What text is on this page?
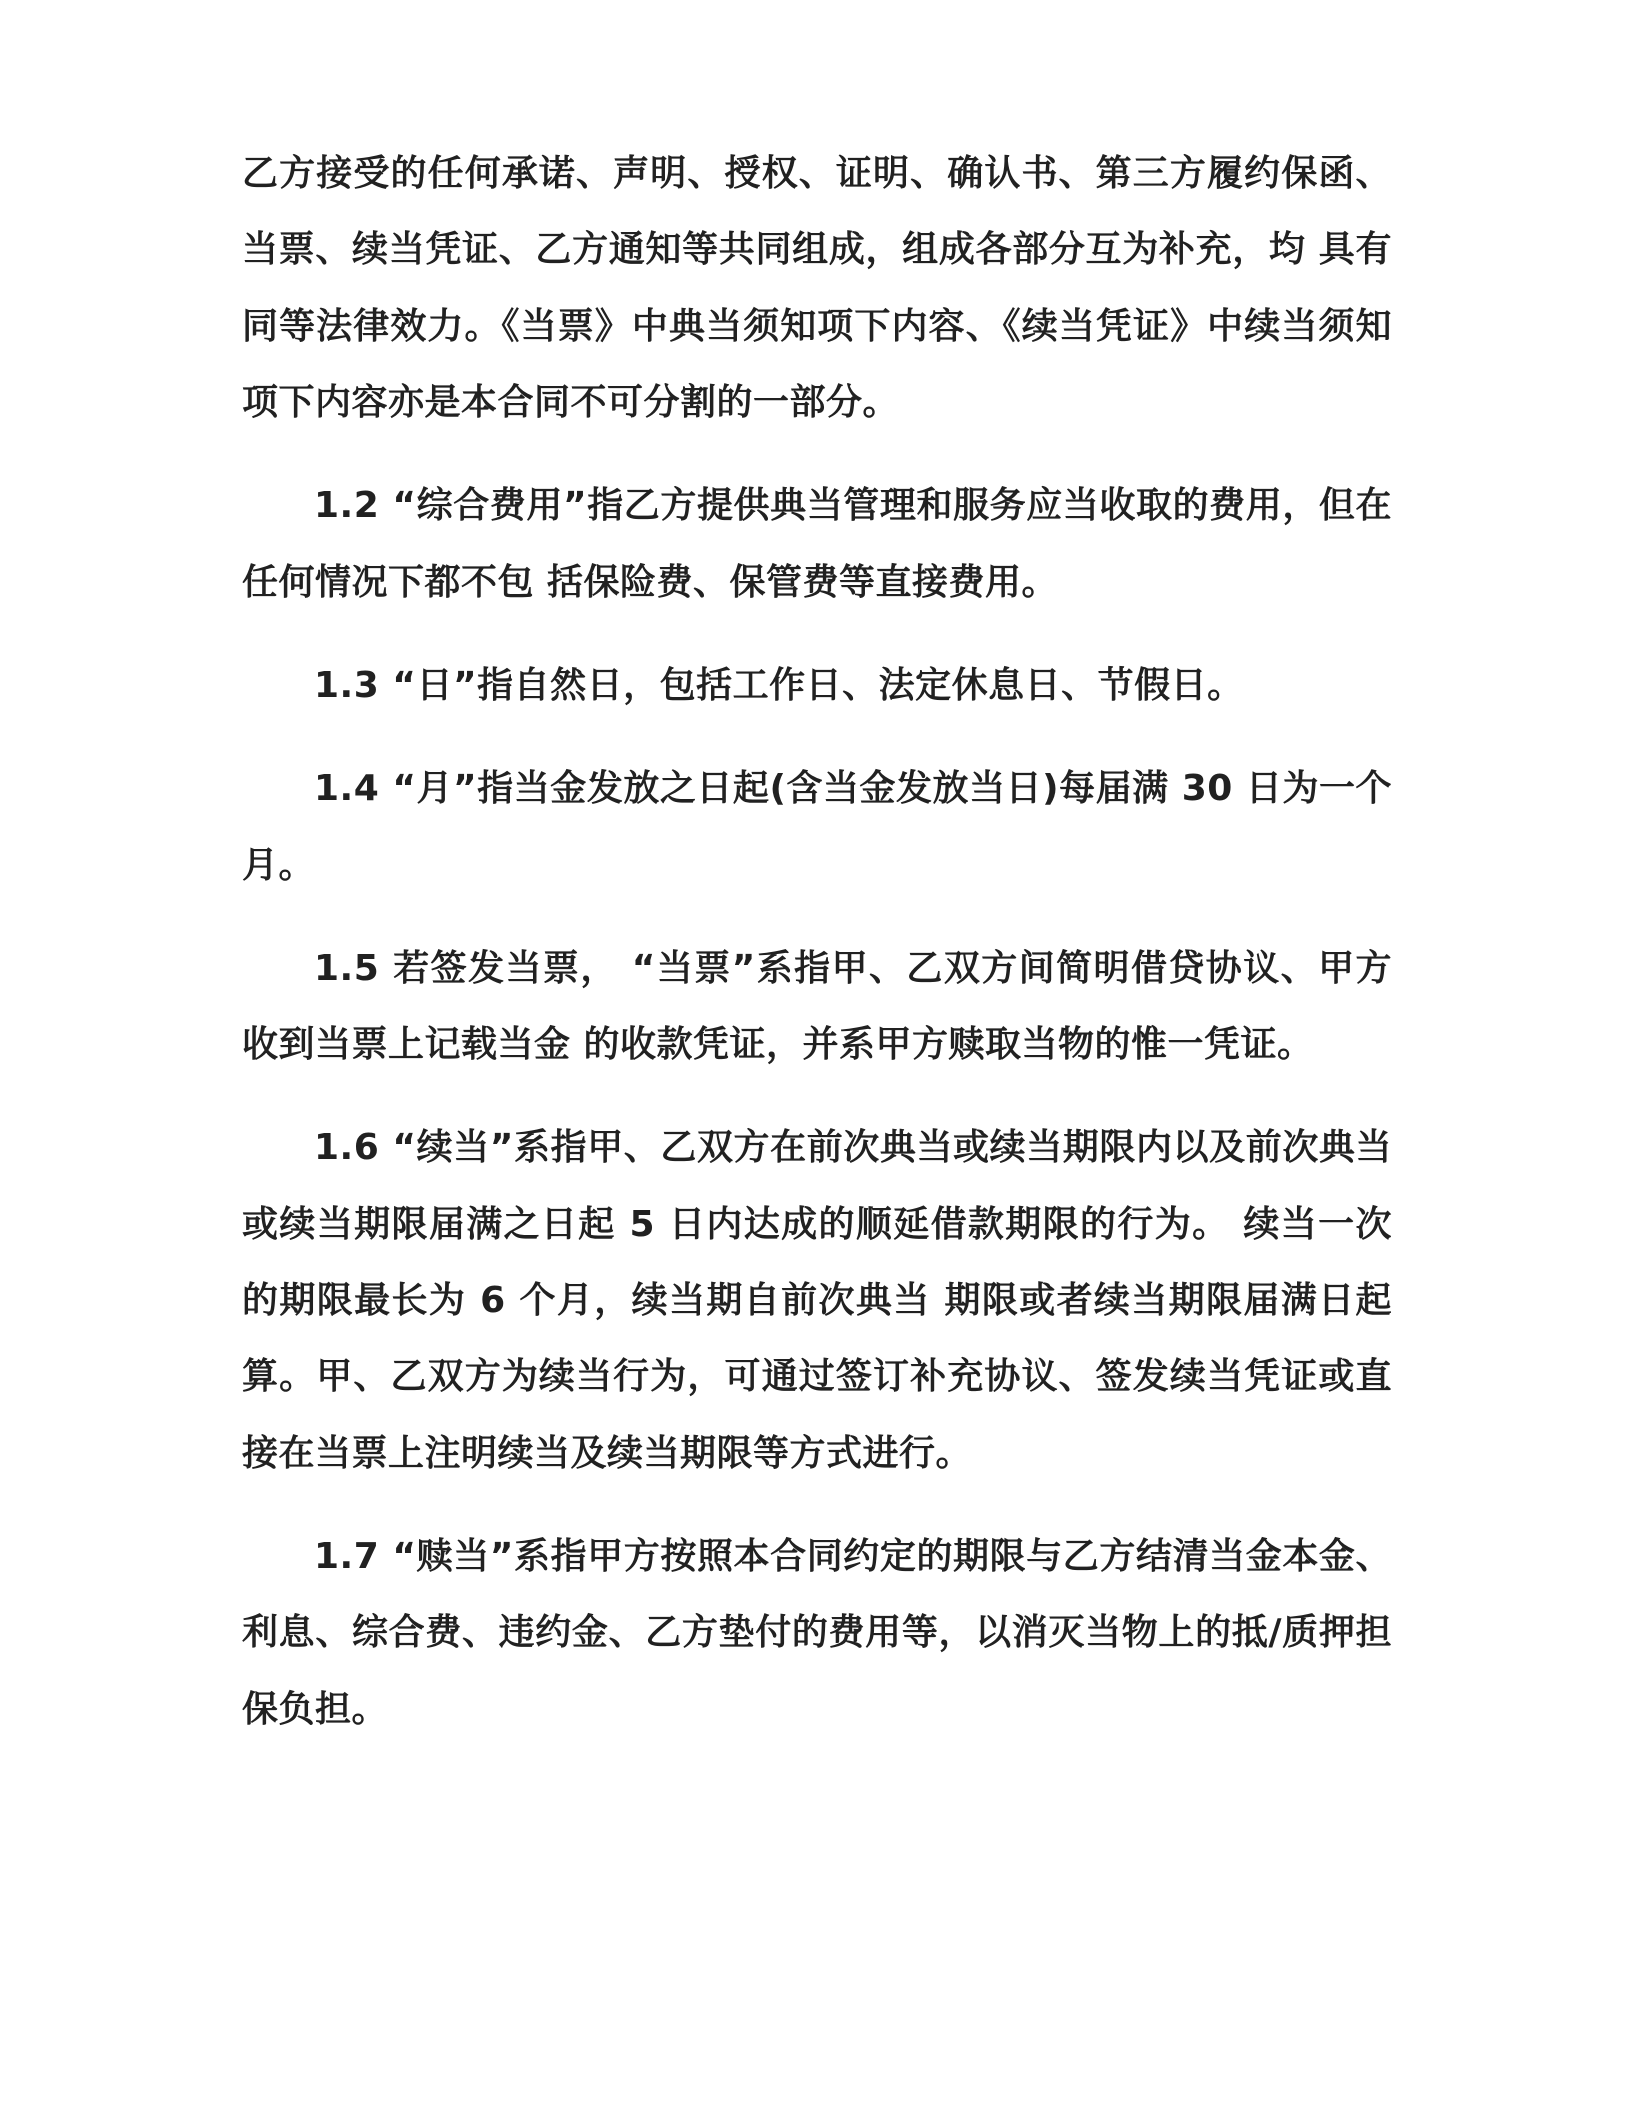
乙方接受的任何承诺、声明、授权、证明、确认书、第三方履约保函、当票、续当凭证、乙方通知等共同组成，组成各部分互为补充，均 具有同等法律效力。《当票》中典当须知项下内容、《续当凭证》中续当须知项下内容亦是本合同不可分割的一部分。

1.2 “综合费用”指乙方提供典当管理和服务应当收取的费用，但在任何情况下都不包 括保险费、保管费等直接费用。

1.3 “日”指自然日，包括工作日、法定休息日、节假日。

1.4 “月”指当金发放之日起(含当金发放当日)每届满 30 日为一个月。

1.5 若签发当票， “当票”系指甲、乙双方间简明借贷协议、甲方收到当票上记载当金 的收款凭证，并系甲方赎取当物的惟一凭证。

1.6 “续当”系指甲、乙双方在前次典当或续当期限内以及前次典当或续当期限届满之日起 5 日内达成的顺延借款期限的行为。 续当一次的期限最长为 6 个月，续当期自前次典当 期限或者续当期限届满日起算。甲、乙双方为续当行为，可通过签订补充协议、签发续当凭证或直接在当票上注明续当及续当期限等方式进行。

1.7 “赎当”系指甲方按照本合同约定的期限与乙方结清当金本金、利息、综合费、违约金、乙方垫付的费用等，以消灭当物上的抵/质押担保负担。
